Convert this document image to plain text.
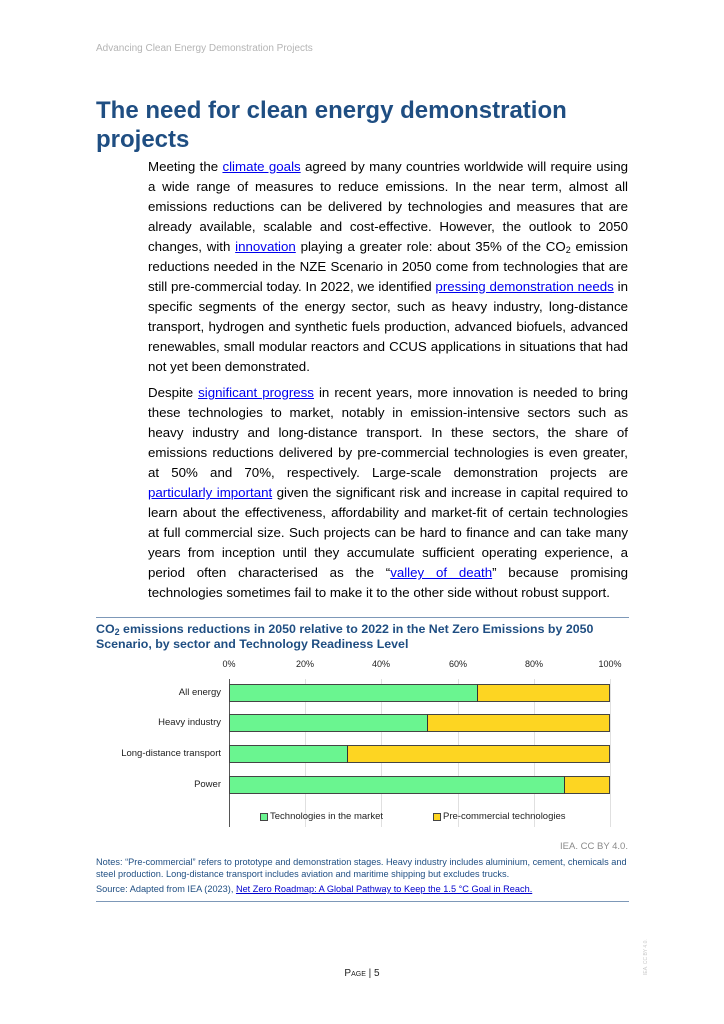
Advancing Clean Energy Demonstration Projects
The need for clean energy demonstration projects

Meeting the climate goals agreed by many countries worldwide will require using a wide range of measures to reduce emissions. In the near term, almost all emissions reductions can be delivered by technologies and measures that are already available, scalable and cost-effective. However, the outlook to 2050 changes, with innovation playing a greater role: about 35% of the $CO_2$ emission reductions needed in the NZE Scenario in 2050 come from technologies that are still pre-commercial today. In 2022, we identified pressing demonstration needs in specific segments of the energy sector, such as heavy industry, long-distance transport, hydrogen and synthetic fuels production, advanced biofuels, advanced renewables, small modular reactors and CCUS applications in situations that had not yet been demonstrated.

Despite significant progress in recent years, more innovation is needed to bring these technologies to market, notably in emission-intensive sectors such as heavy industry and long-distance transport. In these sectors, the share of emissions reductions delivered by pre-commercial technologies is even greater, at 50% and 70%, respectively. Large-scale demonstration projects are particularly important given the significant risk and increase in capital required to learn about the effectiveness, affordability and market-fit of certain technologies at full commercial size. Such projects can be hard to finance and can take many years from inception until they accumulate sufficient operating experience, a period often characterised as the “valley of death” because promising technologies sometimes fail to make it to the other side without robust support.

$CO_2$ emissions reductions in 2050 relative to 2022 in the Net Zero Emissions by 2050 Scenario, by sector and Technology Readiness Level

0%	20%	40%	60%	80%	100%
All energy
Heavy industry
Long-distance transport
Power
Technologies in the market	Pre-commercial technologies
IEA. CC BY 4.0.

Notes: “Pre-commercial” refers to prototype and demonstration stages. Heavy industry includes aluminium, cement, chemicals and steel production. Long-distance transport includes aviation and maritime shipping but excludes trucks.

Source: Adapted from IEA (2023), Net Zero Roadmap: A Global Pathway to Keep the 1.5 °C Goal in Reach.

IEA. CC BY 4.0.
Page | 5
